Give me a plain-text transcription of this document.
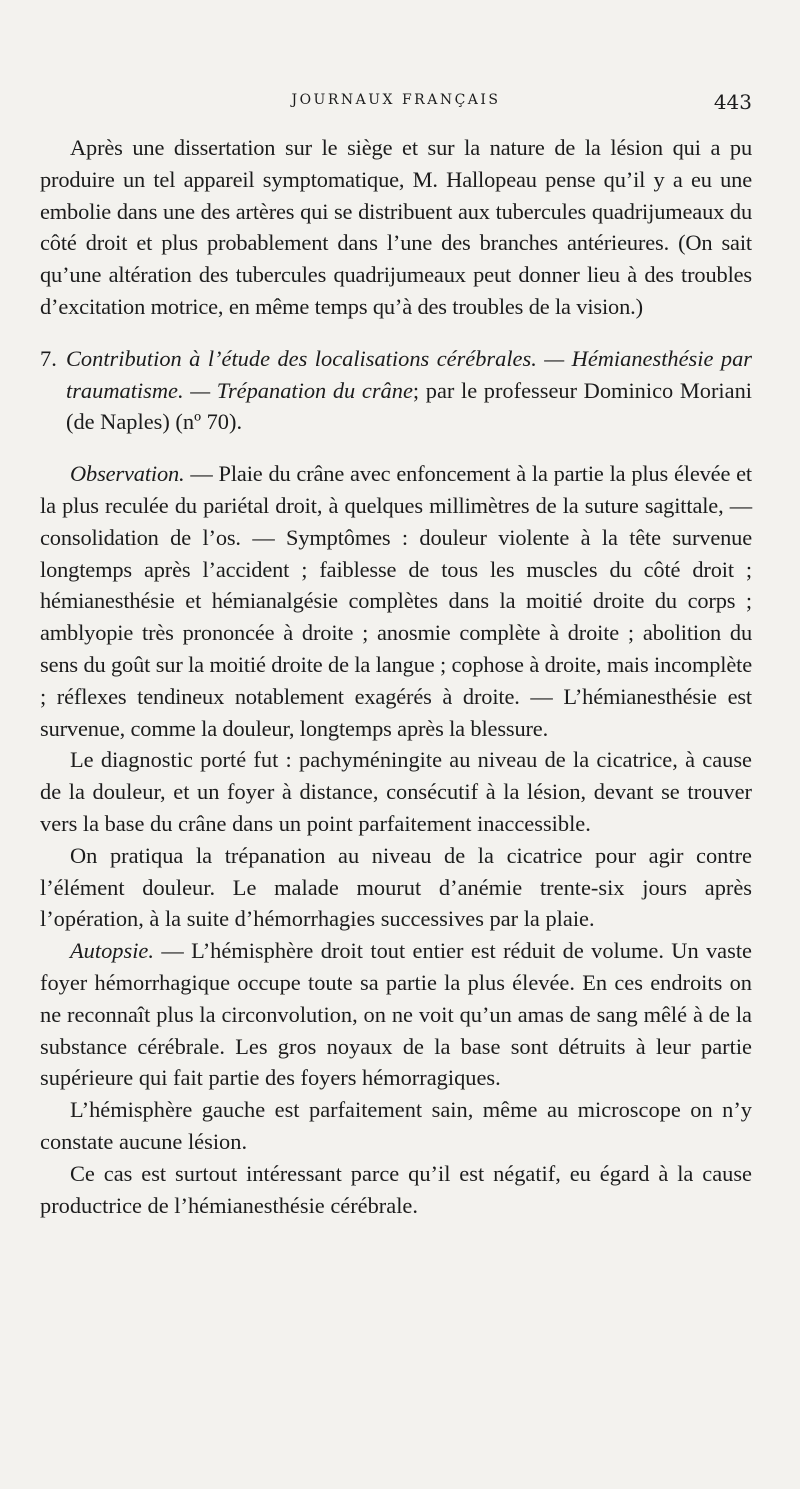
JOURNAUX FRANÇAIS	443

Après une dissertation sur le siège et sur la nature de la lésion qui a pu produire un tel appareil symptomatique, M. Hallopeau pense qu’il y a eu une embolie dans une des artères qui se distribuent aux tubercules quadrijumeaux du côté droit et plus probablement dans l’une des branches antérieures. (On sait qu’une altération des tubercules quadrijumeaux peut donner lieu à des troubles d’excitation motrice, en même temps qu’à des troubles de la vision.)

7. Contribution à l’étude des localisations cérébrales. — Hémianesthésie par traumatisme. — Trépanation du crâne; par le professeur Dominico Moriani (de Naples) (nº 70).

Observation. — Plaie du crâne avec enfoncement à la partie la plus élevée et la plus reculée du pariétal droit, à quelques millimètres de la suture sagittale, — consolidation de l’os. — Symptômes : douleur violente à la tête survenue longtemps après l’accident ; faiblesse de tous les muscles du côté droit ; hémianesthésie et hémianalgésie complètes dans la moitié droite du corps ; amblyopie très prononcée à droite ; anosmie complète à droite ; abolition du sens du goût sur la moitié droite de la langue ; cophose à droite, mais incomplète ; réflexes tendineux notablement exagérés à droite. — L’hémianesthésie est survenue, comme la douleur, longtemps après la blessure.

Le diagnostic porté fut : pachyméningite au niveau de la cicatrice, à cause de la douleur, et un foyer à distance, consécutif à la lésion, devant se trouver vers la base du crâne dans un point parfaitement inaccessible.

On pratiqua la trépanation au niveau de la cicatrice pour agir contre l’élément douleur. Le malade mourut d’anémie trente-six jours après l’opération, à la suite d’hémorrhagies successives par la plaie.

Autopsie. — L’hémisphère droit tout entier est réduit de volume. Un vaste foyer hémorrhagique occupe toute sa partie la plus élevée. En ces endroits on ne reconnaît plus la circonvolution, on ne voit qu’un amas de sang mêlé à de la substance cérébrale. Les gros noyaux de la base sont détruits à leur partie supérieure qui fait partie des foyers hémorragiques.

L’hémisphère gauche est parfaitement sain, même au microscope on n’y constate aucune lésion.

Ce cas est surtout intéressant parce qu’il est négatif, eu égard à la cause productrice de l’hémianesthésie cérébrale.
